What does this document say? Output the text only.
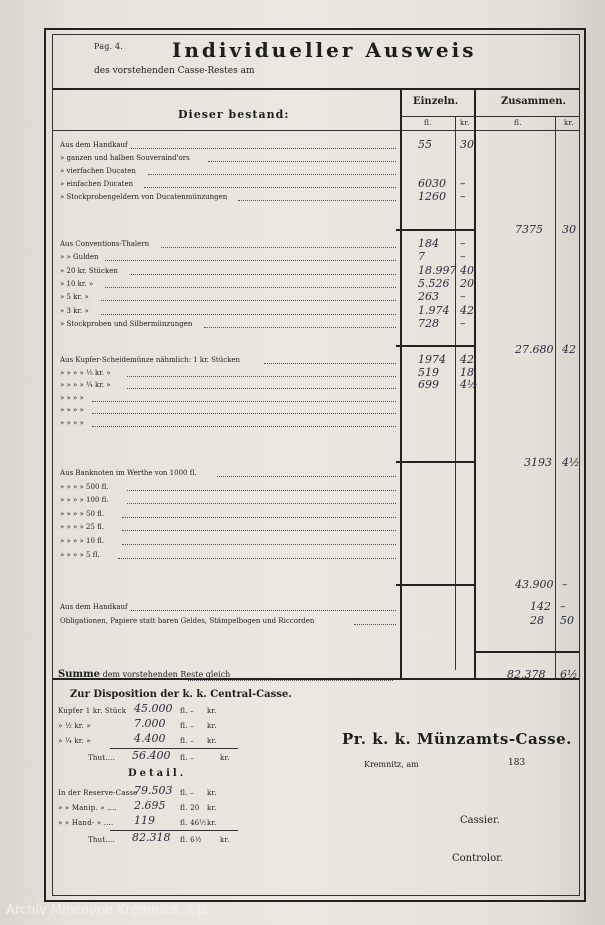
Pag. 4. Individueller Ausweis
des vorstehenden Casse-Restes am
Dieser bestand:
Einzeln.	Zusammen.
fl.	kr.	fl.	kr.
Aus dem Handkauf	55	30
» ganzen und halben Souveraind'ors
» vierfachen Ducaten
» einfachen Ducaten	6030 –
» Stockprobengeldern von Ducatenmünzungen	1260 –
7375 30
Aus Conventions-Thalern	184 –
» » Gulden	7	–
» 20 kr. Stücken	18.997 40
» 10 kr. »	5.526 20
» 5 kr. »	263 –
» 3 kr. »	1.974 42
» Stockproben und Silbermünzungen	728 –
27.680 42
Aus Kupfer-Scheidemünze nähmlich: 1 kr. Stücken	1974 42
» » » » ½ kr. »	519 18
» » » » ¼ kr. »	699 4½
» » » »
» » » »
» » » »
3193 4½
Aus Banknoten im Werthe von 1000 fl.
» » » » 500 fl.
» » » » 100 fl.
» » » » 50 fl.
» » » » 25 fl.
» » » » 10 fl.
» » » » 5 fl.
43.900 –
Aus dem Handkauf	142 –
Obligationen, Papiere statt baren Geldes, Stämpelbogen und Riccorden	28 50
Summe dem vorstehenden Reste gleich	82.378 6½
Zur Disposition der k. k. Central-Casse.
Kupfer 1 kr. Stück 45.000 fl. – kr.
» ½ kr. »	7.000 fl. – kr.
» ¼ kr. »	4.400 fl. – kr.
Thut.... 56.400 fl. –	kr.
Detail.
In der Reserve-Casse
79.503 fl. – kr.
» » Manip. » .... 2.695 fl. 20 kr.
» » Hand- » .... 119	fl. 46½ kr.
Thut.... 82.318 fl. 6½	kr.
Pr. k. k. Münzamts-Casse.
Kremnitz, am	183
Cassier.
Controlor.
Archív Mincovne Kremnica, š.p.
